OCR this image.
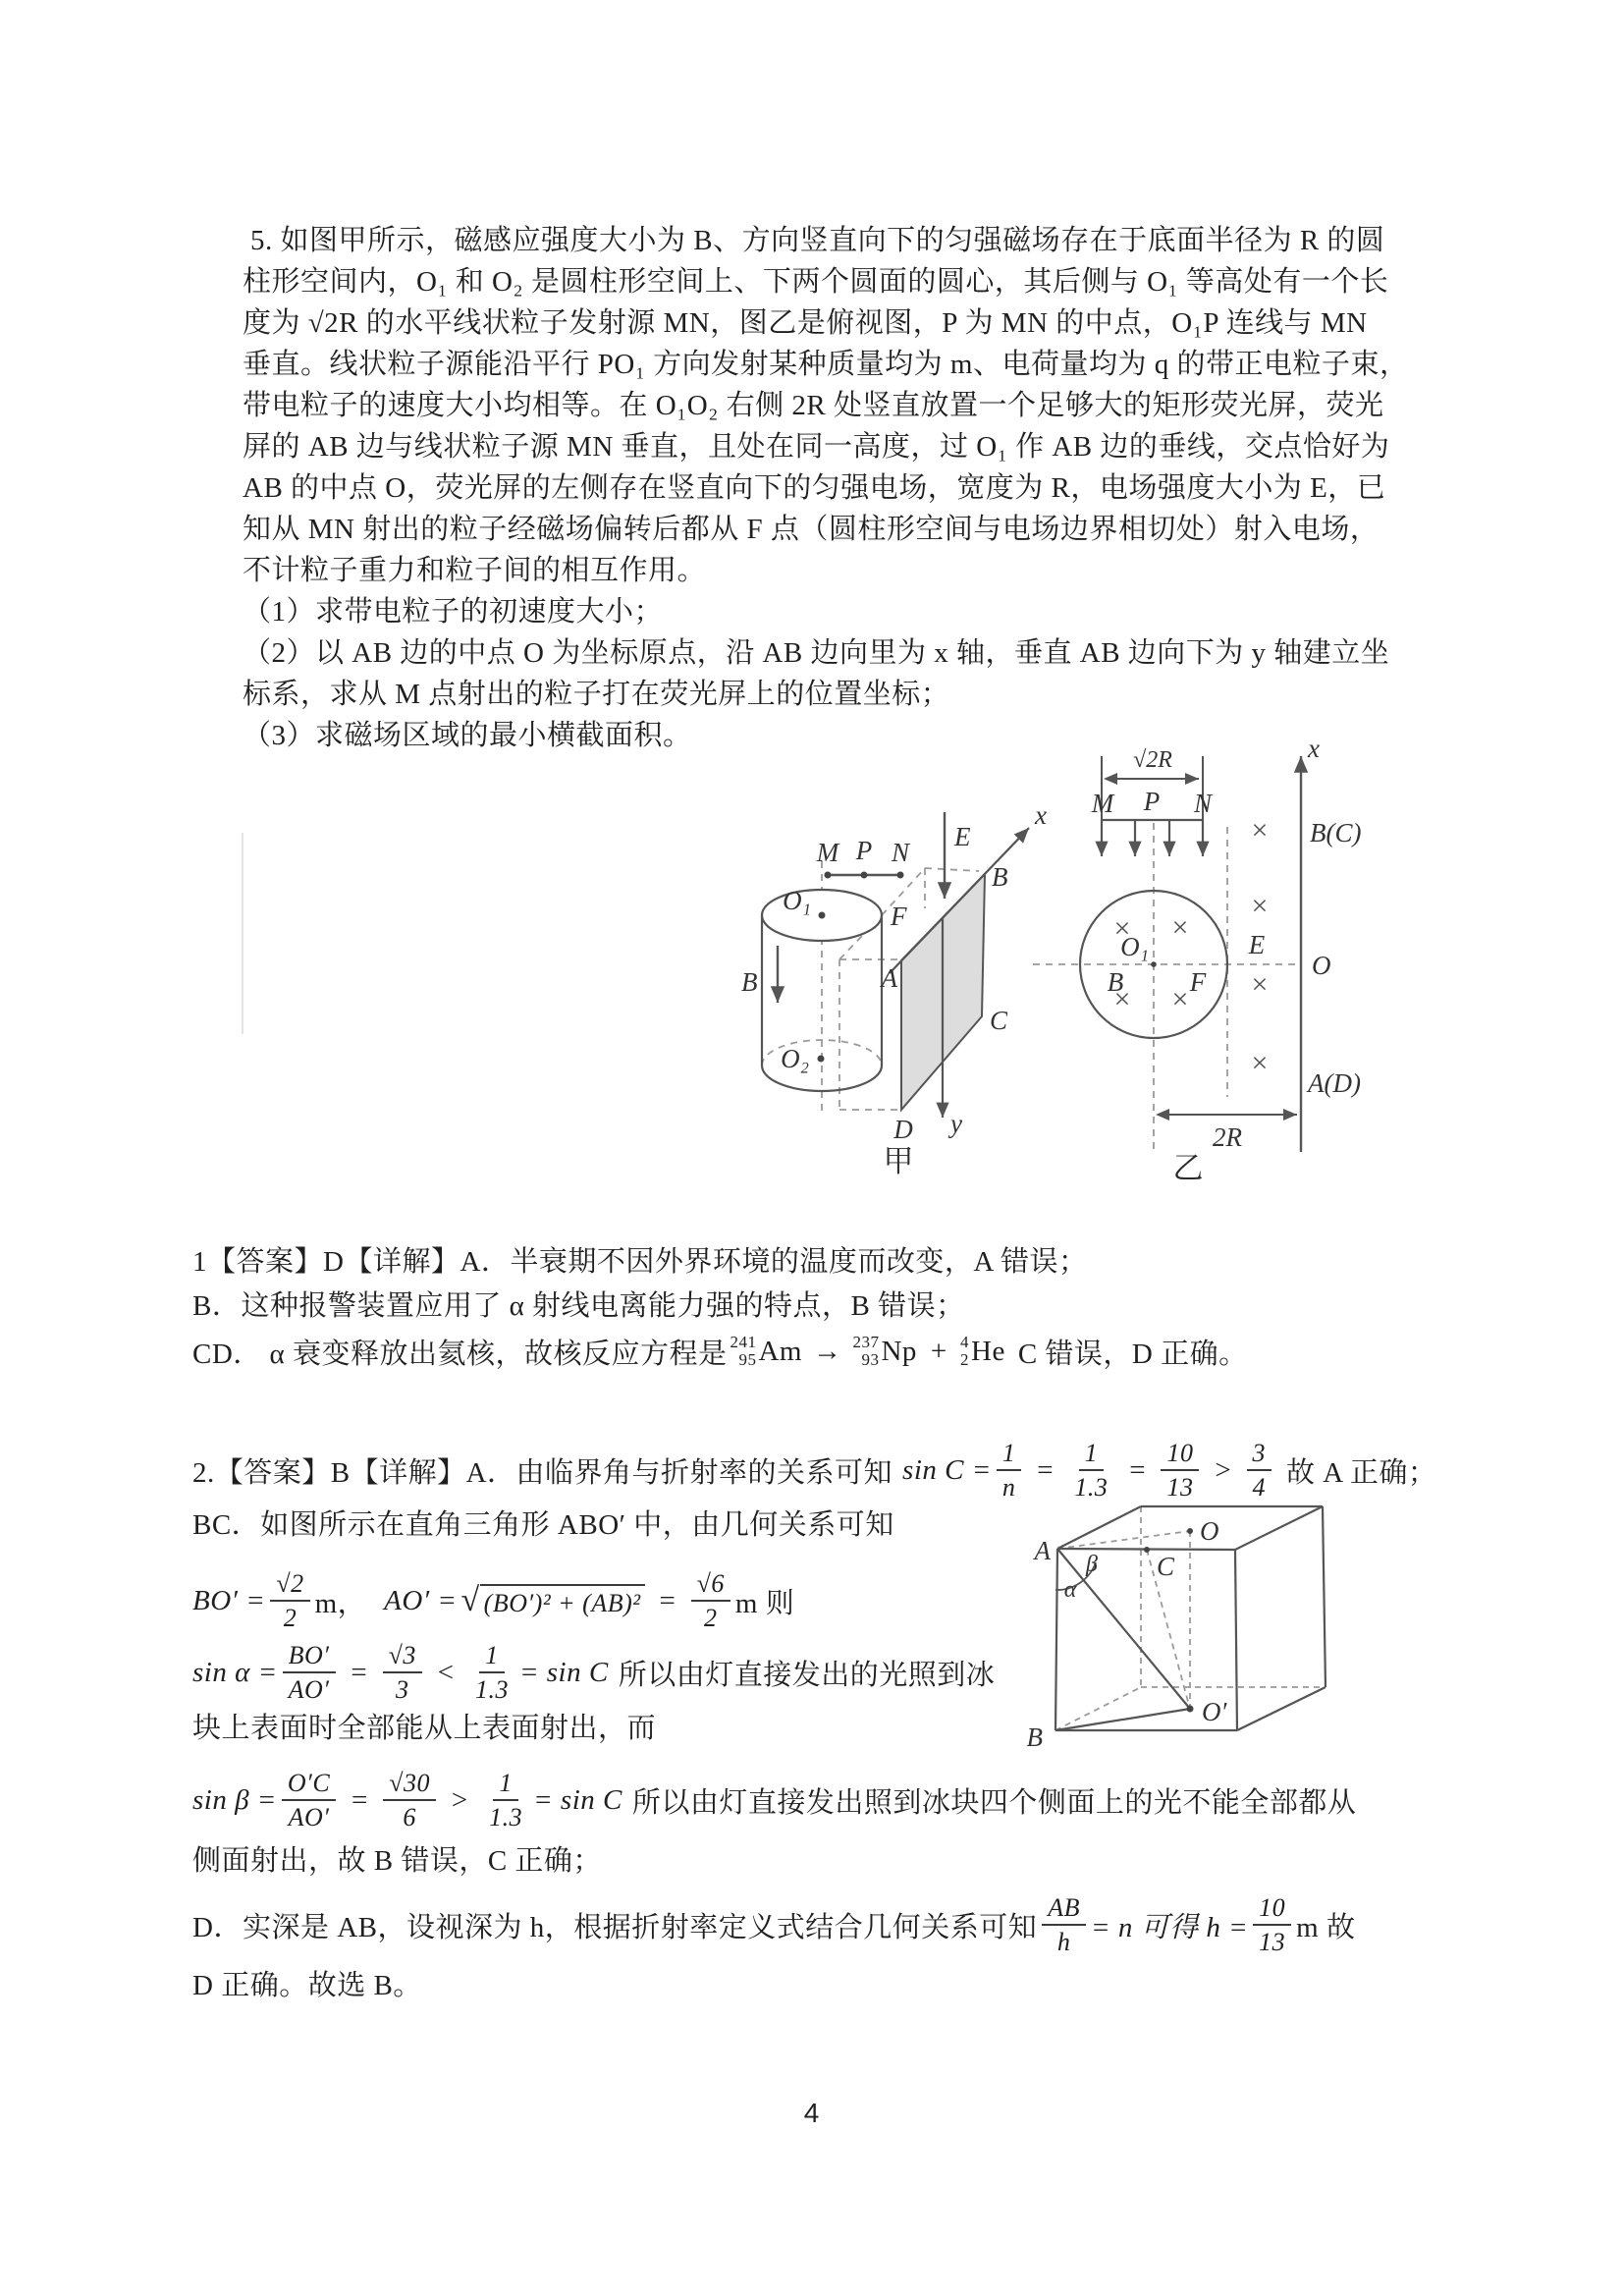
5. 如图甲所示，磁感应强度大小为 B、方向竖直向下的匀强磁场存在于底面半径为 R 的圆
柱形空间内，O₁ 和 O₂ 是圆柱形空间上、下两个圆面的圆心，其后侧与 O₁ 等高处有一个长
度为 √2R 的水平线状粒子发射源 MN，图乙是俯视图，P 为 MN 的中点，O₁P 连线与 MN
垂直。线状粒子源能沿平行 PO₁ 方向发射某种质量均为 m、电荷量均为 q 的带正电粒子束，
带电粒子的速度大小均相等。在 O₁O₂ 右侧 2R 处竖直放置一个足够大的矩形荧光屏，荧光
屏的 AB 边与线状粒子源 MN 垂直，且处在同一高度，过 O₁ 作 AB 边的垂线，交点恰好为
AB 的中点 O，荧光屏的左侧存在竖直向下的匀强电场，宽度为 R，电场强度大小为 E，已
知从 MN 射出的粒子经磁场偏转后都从 F 点（圆柱形空间与电场边界相切处）射入电场，
不计粒子重力和粒子间的相互作用。
（1）求带电粒子的初速度大小；
（2）以 AB 边的中点 O 为坐标原点，沿 AB 边向里为 x 轴，垂直 AB 边向下为 y 轴建立坐
标系，求从 M 点射出的粒子打在荧光屏上的位置坐标；
（3）求磁场区域的最小横截面积。
M P N
E
x
y
B
F
O₁
O₂
A
B
C
D
甲
√2R
M P N
O₁
B	F
× ×
× ×
×
×
×
×
E
x
B(C)
O
A(D)
2R
乙
1【答案】D【详解】A．半衰期不因外界环境的温度而改变，A 错误；
B．这种报警装置应用了 α 射线电离能力强的特点，B 错误；
CD． α 衰变释放出氦核，故核反应方程是 241
95 Am → 237
93 Np + 4
2 He C 错误，D 正确。
2.【答案】B【详解】A．由临界角与折射率的关系可知 $\sin C = \frac{1}{n} = \frac{1}{1.3} = \frac{10}{13} > \frac{3}{4}$ 故 A 正确；
BC．如图所示在直角三角形 ABO′ 中，由几何关系可知
$BO' = \frac{√2}{2}$ m， AO′ = √ $(BO')^2 + (AB)^2 = \frac{√6}{2}$ m 则
$\sin \alpha = \frac{BO'}{AO'} = \frac{√3}{3} < \frac{1}{1.3} = \sin C$ 所以由灯直接发出的光照到冰
块上表面时全部能从上表面射出，而
$\sin \beta = \frac{O'C}{AO'} = \frac{√30}{6} > \frac{1}{1.3} = \sin C$ 所以由灯直接发出照到冰块四个侧面上的光不能全部都从
侧面射出，故 B 错误，C 正确；
D．实深是 AB，设视深为 h，根据折射率定义式结合几何关系可知 $\frac{AB}{h} = n$ 可得 $h = \frac{10}{13}$ m 故
D 正确。故选 B。
A
B
C
O
O′
α
β
4
